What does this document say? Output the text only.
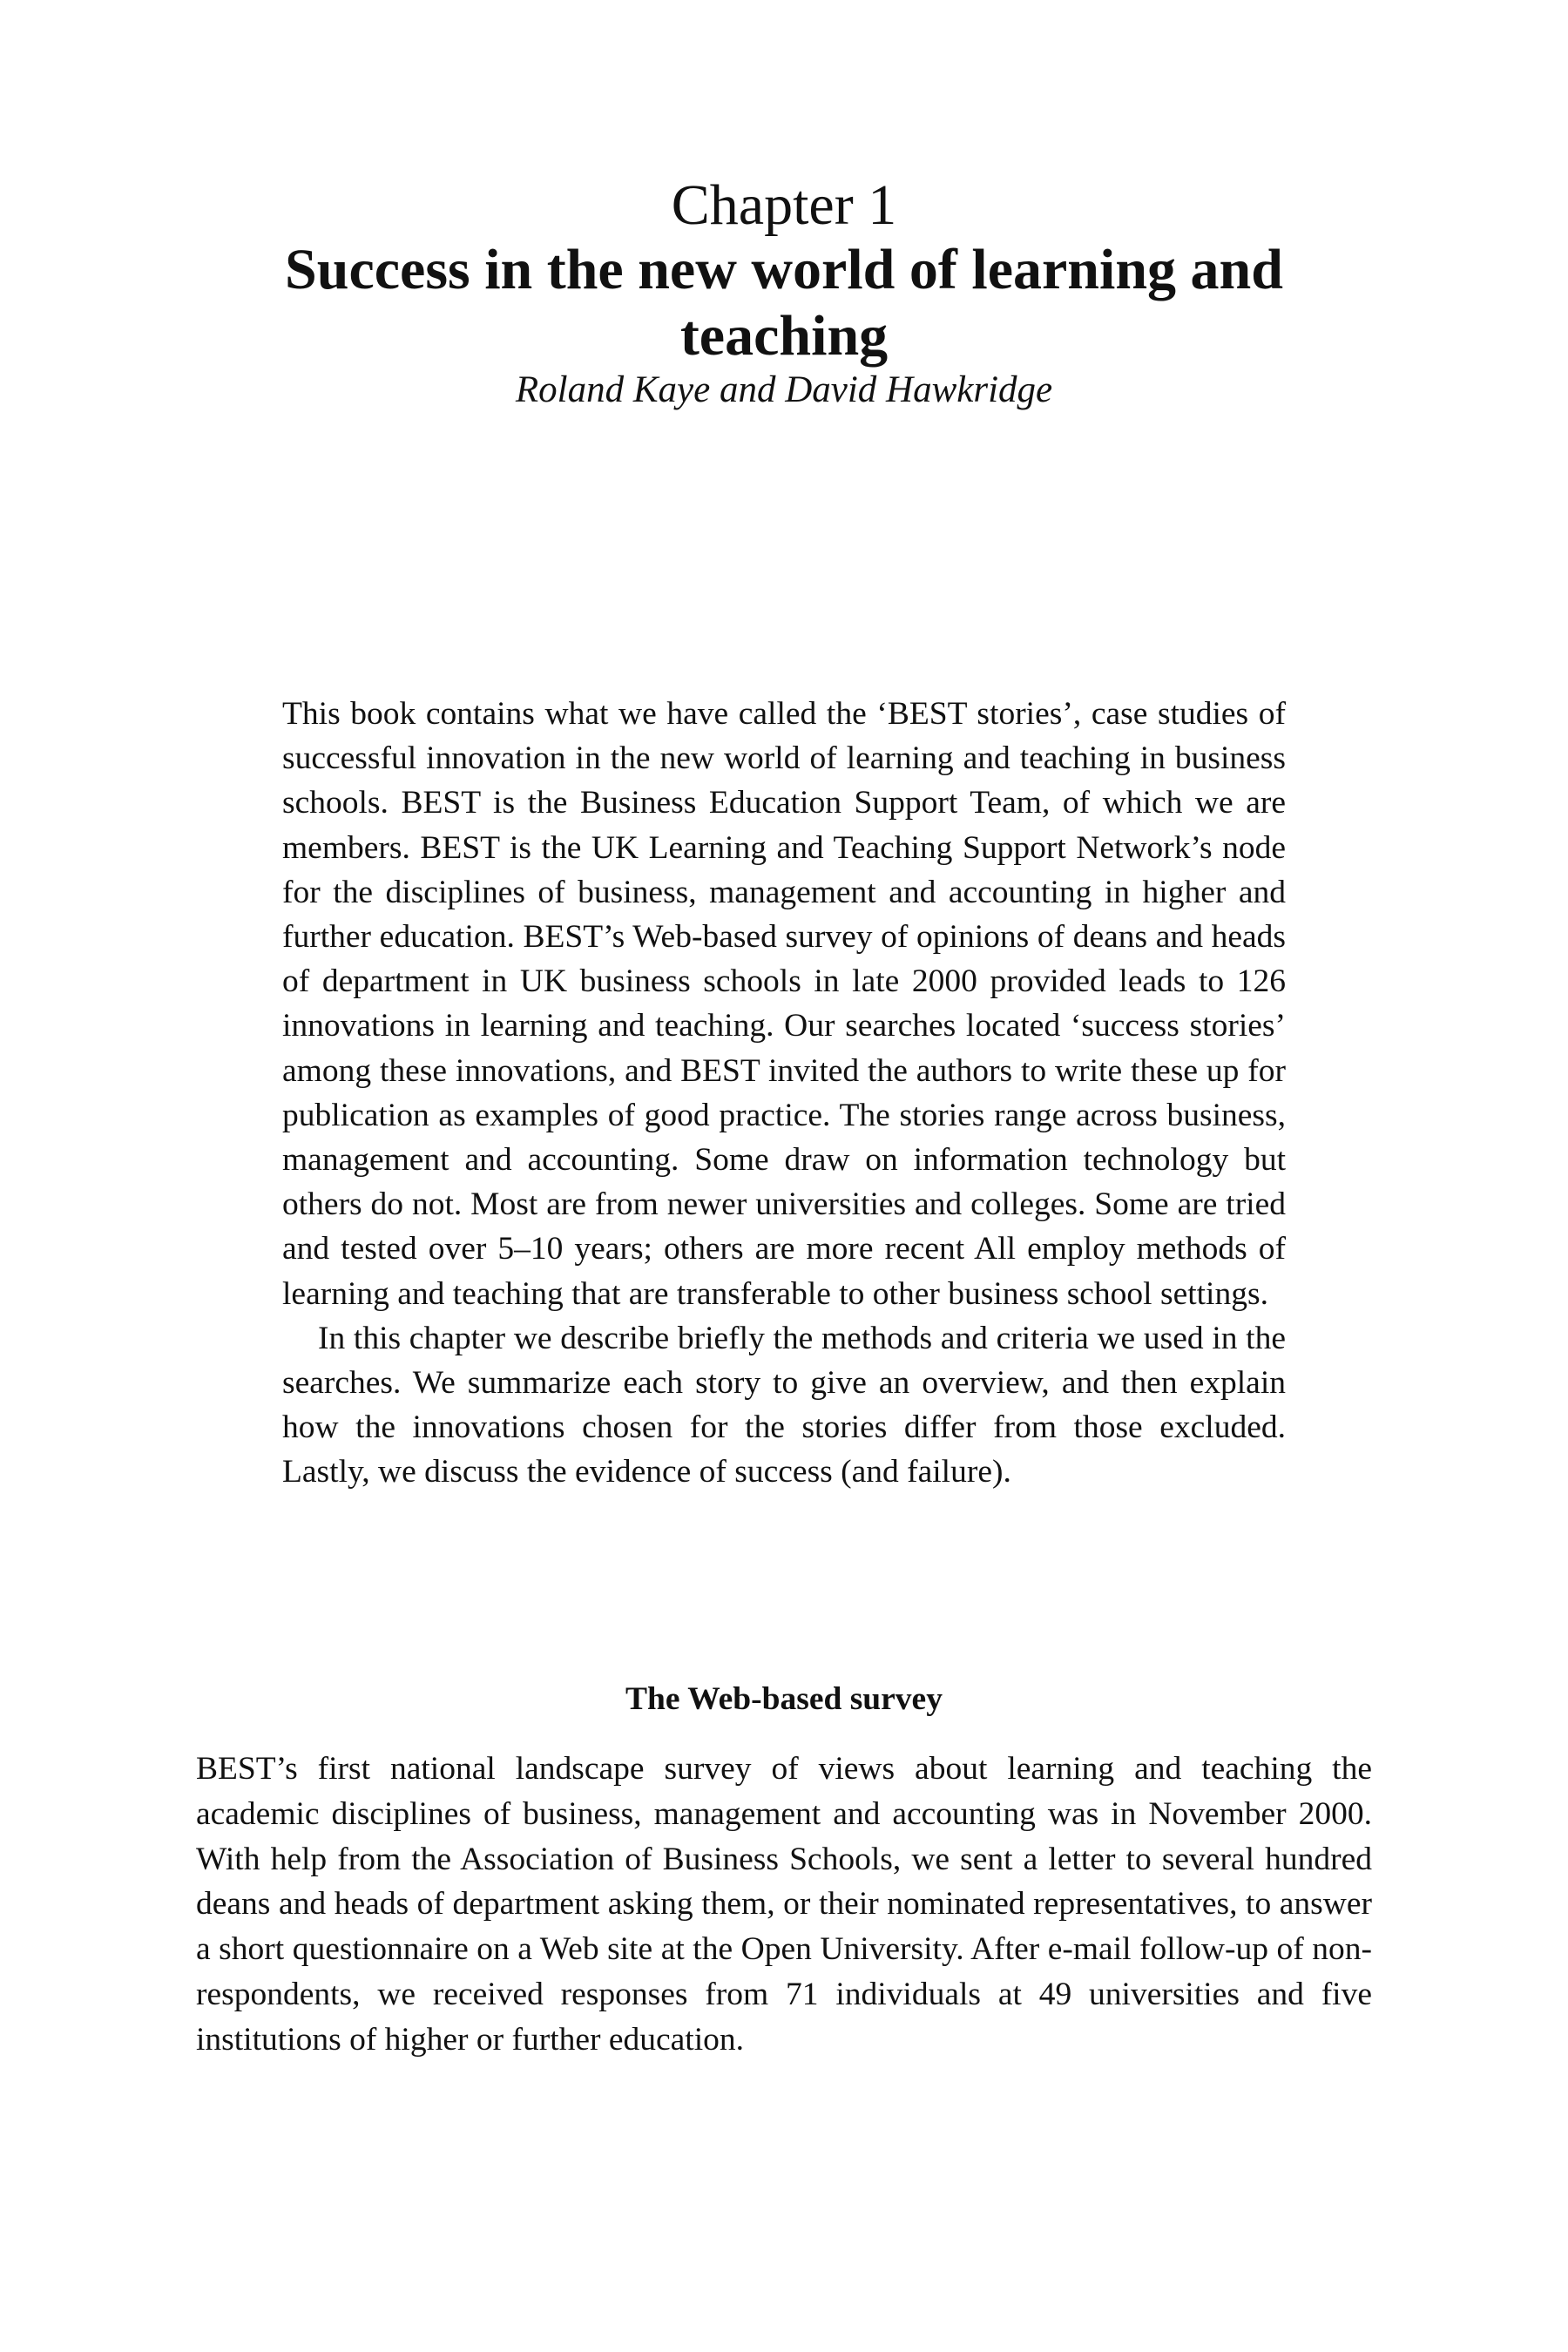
Chapter 1
Success in the new world of learning and teaching
Roland Kaye and David Hawkridge

This book contains what we have called the ‘BEST stories’, case studies of successful innovation in the new world of learning and teaching in business schools. BEST is the Business Education Support Team, of which we are members. BEST is the UK Learning and Teaching Support Network’s node for the disciplines of business, management and accounting in higher and further education. BEST’s Web-based survey of opinions of deans and heads of department in UK business schools in late 2000 provided leads to 126 innovations in learning and teaching. Our searches located ‘success stories’ among these innovations, and BEST invited the authors to write these up for publication as examples of good practice. The stories range across business, management and accounting. Some draw on information technology but others do not. Most are from newer universities and colleges. Some are tried and tested over 5–10 years; others are more recent All employ methods of learning and teaching that are transferable to other business school settings.

In this chapter we describe briefly the methods and criteria we used in the searches. We summarize each story to give an overview, and then explain how the innovations chosen for the stories differ from those excluded. Lastly, we discuss the evidence of success (and failure).

The Web-based survey

BEST’s first national landscape survey of views about learning and teaching the academic disciplines of business, management and accounting was in November 2000. With help from the Association of Business Schools, we sent a letter to several hundred deans and heads of department asking them, or their nominated representatives, to answer a short questionnaire on a Web site at the Open University. After e-mail follow-up of non-respondents, we received responses from 71 individuals at 49 universities and five institutions of higher or further education.
